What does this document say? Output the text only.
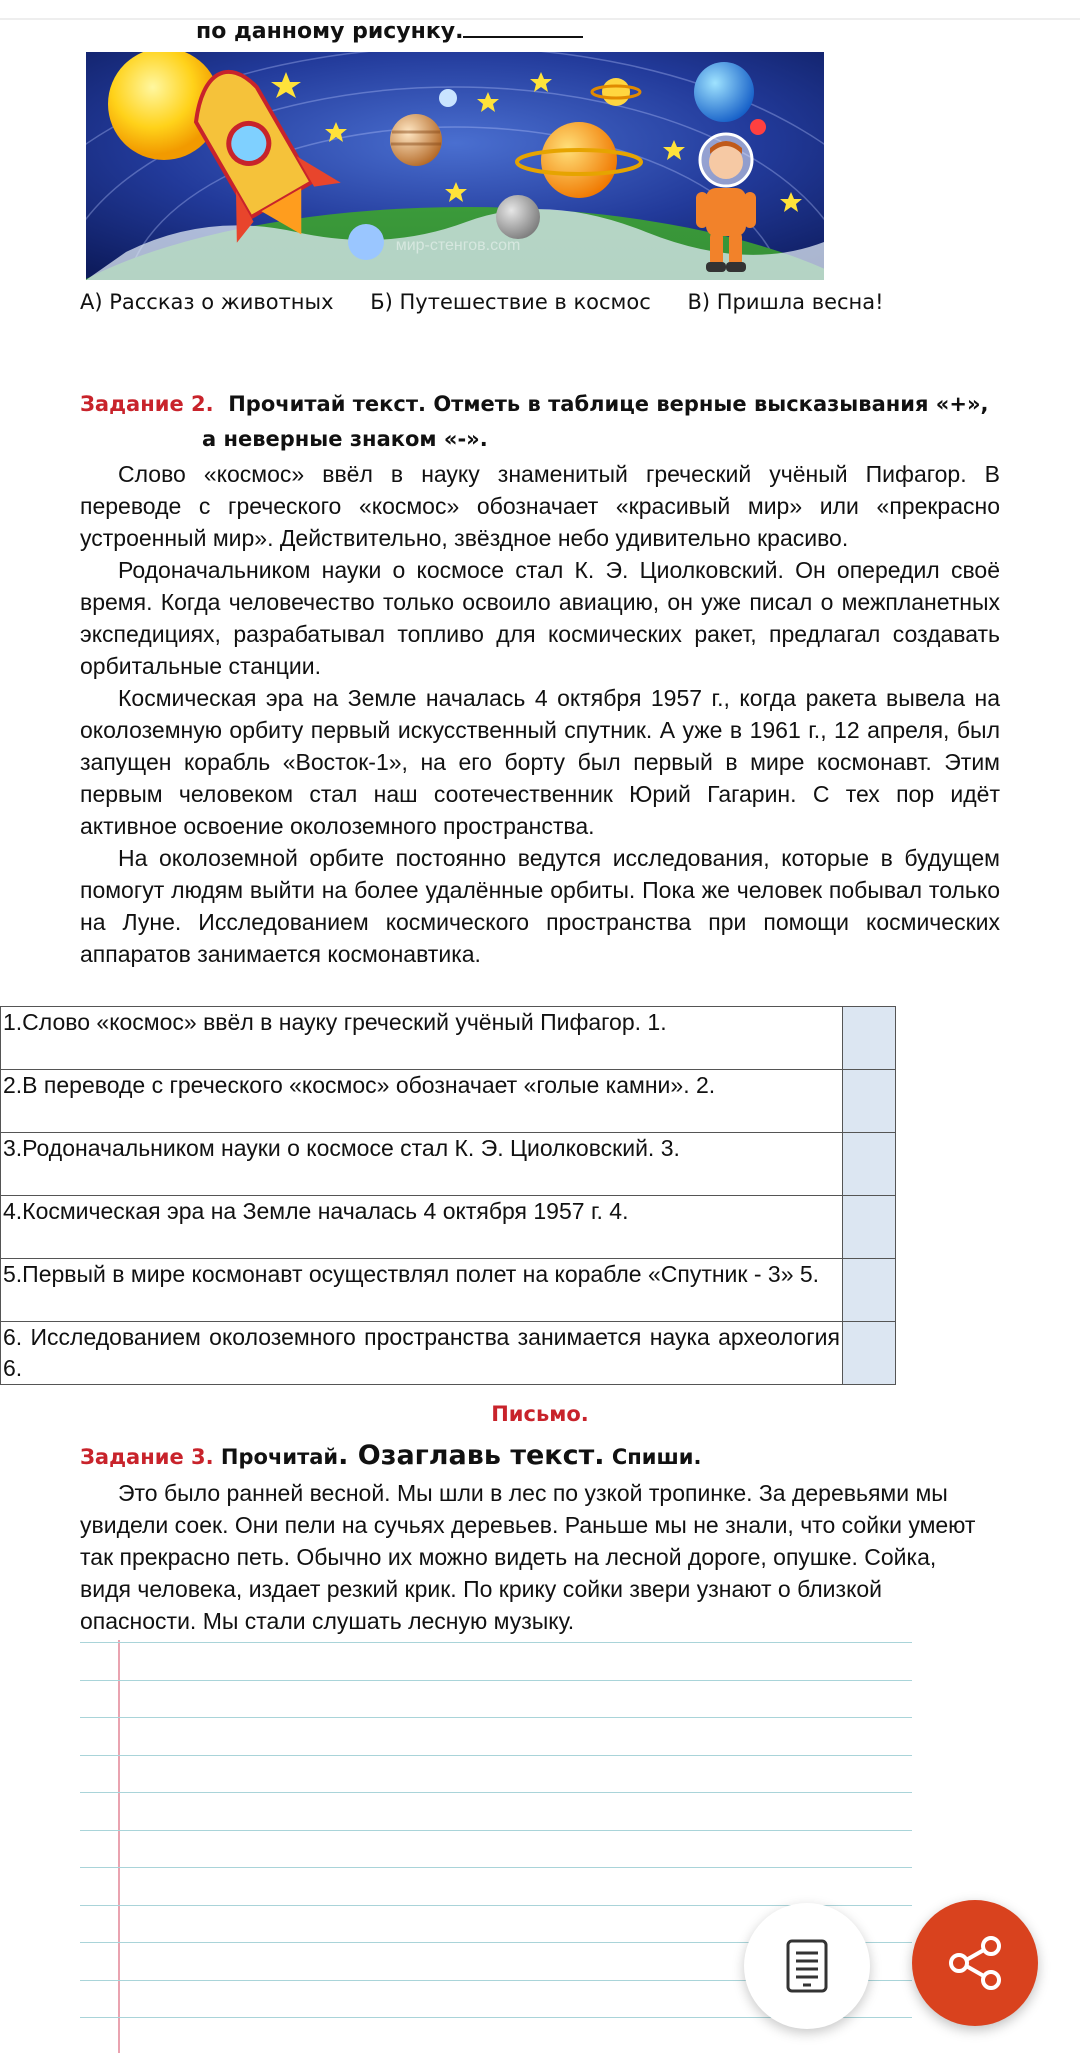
по данному рисунку.
мир-стенгов.com
А) Рассказ о животных Б) Путешествие в космос В) Пришла весна!
Задание 2. Прочитай текст. Отметь в таблице верные высказывания «+»,
а неверные знаком «-».

Слово «космос» ввёл в науку знаменитый греческий учёный Пифагор. В переводе с греческого «космос» обозначает «красивый мир» или «прекрасно устроенный мир». Действительно, звёздное небо удивительно красиво.

Родоначальником науки о космосе стал К. Э. Циолковский. Он опередил своё время. Когда человечество только освоило авиацию, он уже писал о межпланетных экспедициях, разрабатывал топливо для космических ракет, предлагал создавать орбитальные станции.

Космическая эра на Земле началась 4 октября 1957 г., когда ракета вывела на околоземную орбиту первый искусственный спутник. А уже в 1961 г., 12 апреля, был запущен корабль «Восток-1», на его борту был первый в мире космонавт. Этим первым человеком стал наш соотечественник Юрий Гагарин. С тех пор идёт активное освоение околоземного пространства.

На околоземной орбите постоянно ведутся исследования, которые в будущем помогут людям выйти на более удалённые орбиты. Пока же человек побывал только на Луне. Исследованием космического пространства при помощи космических аппаратов занимается космонавтика.

1.Слово «космос» ввёл в науку греческий учёный Пифагор. 1.	
2.В переводе с греческого «космос» обозначает «голые камни». 2.	
3.Родоначальником науки о космосе стал К. Э. Циолковский. 3.	
4.Космическая эра на Земле началась 4 октября 1957 г. 4.	
5.Первый в мире космонавт осуществлял полет на корабле «Спутник - 3» 5.	
6. Исследованием околоземного пространства занимается наука археология 6.	
Письмо.
Задание 3. Прочитай. Озаглавь текст. Спиши.

Это было ранней весной. Мы шли в лес по узкой тропинке. За деревьями мы увидели соек. Они пели на сучьях деревьев. Раньше мы не знали, что сойки умеют так прекрасно петь. Обычно их можно видеть на лесной дороге, опушке. Сойка, видя человека, издает резкий крик. По крику сойки звери узнают о близкой опасности. Мы стали слушать лесную музыку.
